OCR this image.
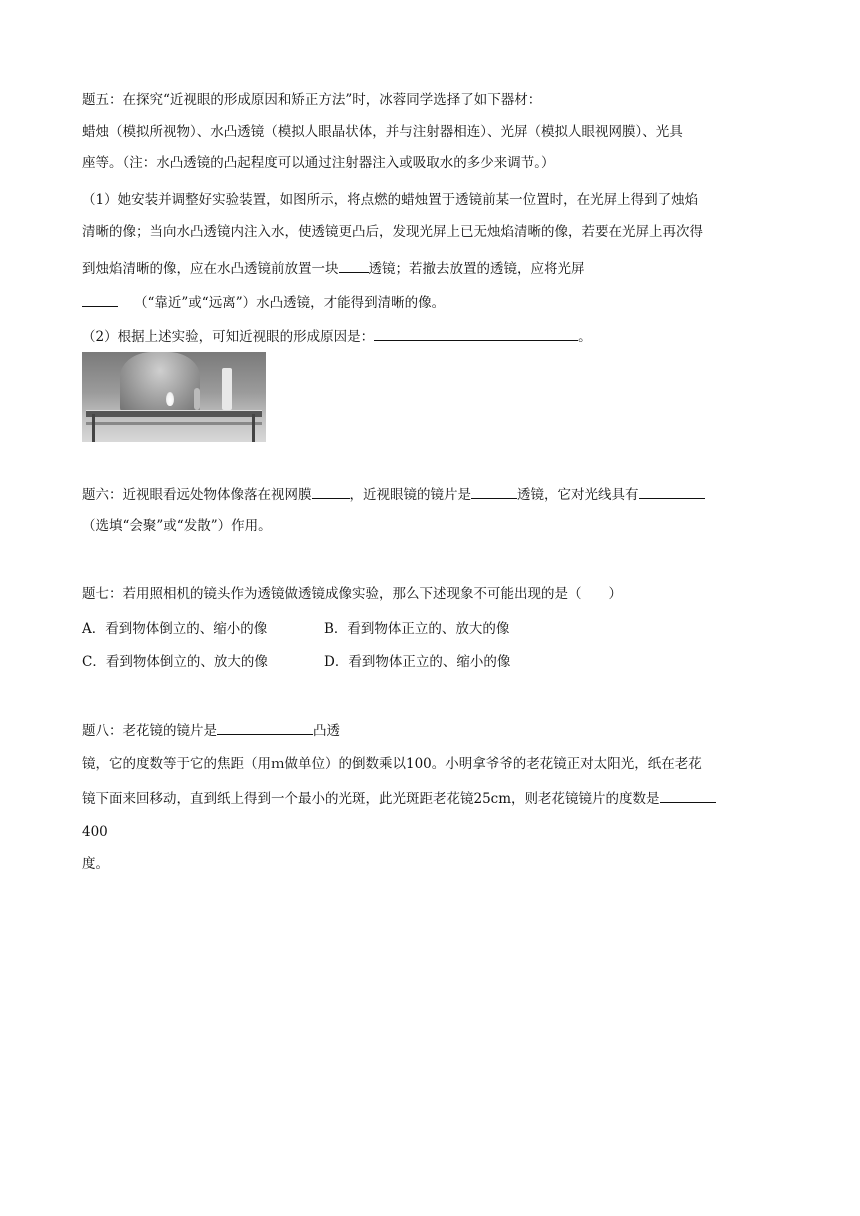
题五：在探究“近视眼的形成原因和矫正方法”时，冰蓉同学选择了如下器材：
蜡烛（模拟所视物）、水凸透镜（模拟人眼晶状体，并与注射器相连）、光屏（模拟人眼视网膜）、光具
座等。（注：水凸透镜的凸起程度可以通过注射器注入或吸取水的多少来调节。）
（1）她安装并调整好实验装置，如图所示，将点燃的蜡烛置于透镜前某一位置时，在光屏上得到了烛焰
清晰的像；当向水凸透镜内注入水，使透镜更凸后，发现光屏上已无烛焰清晰的像，若要在光屏上再次得
到烛焰清晰的像，应在水凸透镜前放置一块 透镜；若撤去放置的透镜，应将光屏
（“靠近”或“远离”）水凸透镜，才能得到清晰的像。
（2）根据上述实验，可知近视眼的形成原因是：	。
题六：近视眼看远处物体像落在视网膜	，近视眼镜的镜片是	透镜，它对光线具有
（选填“会聚”或“发散”）作用。
题七：若用照相机的镜头作为透镜做透镜成像实验，那么下述现象不可能出现的是（　　）
A．看到物体倒立的、缩小的像	B．看到物体正立的、放大的像
C．看到物体倒立的、放大的像	D．看到物体正立的、缩小的像
题八：老花镜的镜片是	凸透
镜，它的度数等于它的焦距（用ｍ做单位）的倒数乘以100。小明拿爷爷的老花镜正对太阳光，纸在老花
镜下面来回移动，直到纸上得到一个最小的光斑，此光斑距老花镜25cm，则老花镜镜片的度数是
400
度。
